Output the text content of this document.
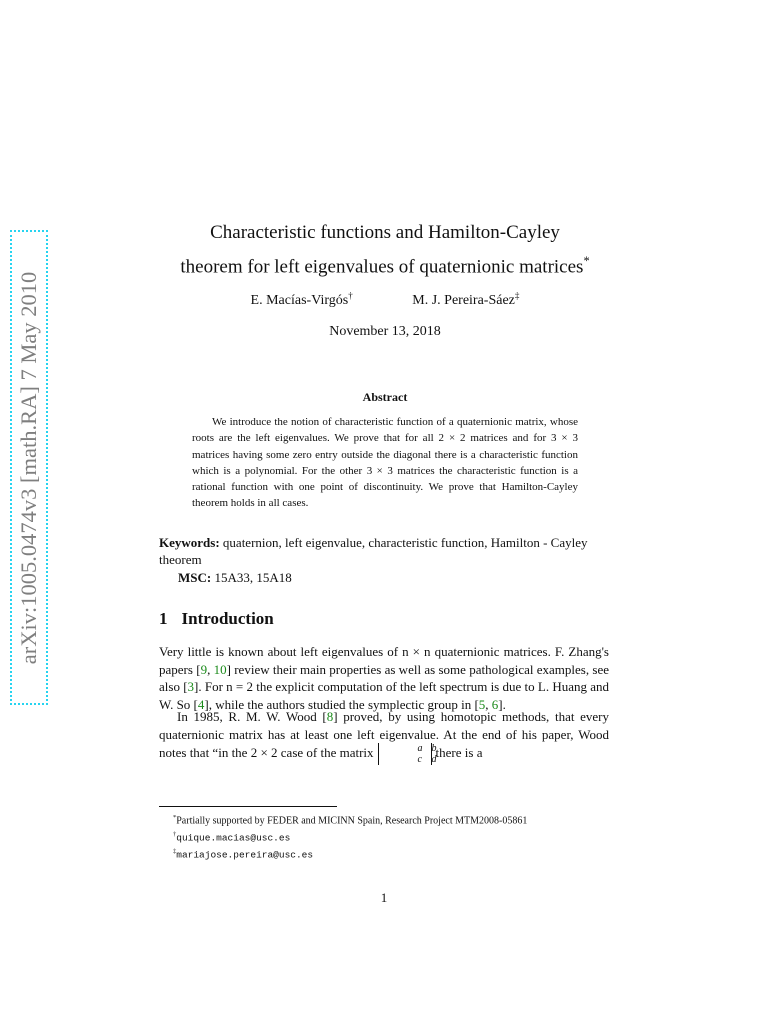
arXiv:1005.0474v3 [math.RA] 7 May 2010
Characteristic functions and Hamilton-Cayley
theorem for left eigenvalues of quaternionic matrices*
E. Macías-Virgós†	M. J. Pereira-Sáez‡
November 13, 2018
Abstract
We introduce the notion of characteristic function of a quaternionic matrix, whose roots are the left eigenvalues. We prove that for all 2 × 2 matrices and for 3 × 3 matrices having some zero entry outside the diagonal there is a characteristic function which is a polynomial. For the other 3 × 3 matrices the characteristic function is a rational function with one point of discontinuity. We prove that Hamilton-Cayley theorem holds in all cases.
Keywords: quaternion, left eigenvalue, characteristic function, Hamilton - Cayley theorem
MSC: 15A33, 15A18
1 Introduction
Very little is known about left eigenvalues of n × n quaternionic matrices. F. Zhang's papers [9, 10] review their main properties as well as some pathological examples, see also [3]. For n = 2 the explicit computation of the left spectrum is due to L. Huang and W. So [4], while the authors studied the symplectic group in [5, 6].
In 1985, R. M. W. Wood [8] proved, by using homotopic methods, that every quaternionic matrix has at least one left eigenvalue. At the end of his paper, Wood notes that “in the 2 × 2 case of the matrix	a b
c d there is a
*Partially supported by FEDER and MICINN Spain, Research Project MTM2008-05861
†quique.macias@usc.es
‡mariajose.pereira@usc.es
1
